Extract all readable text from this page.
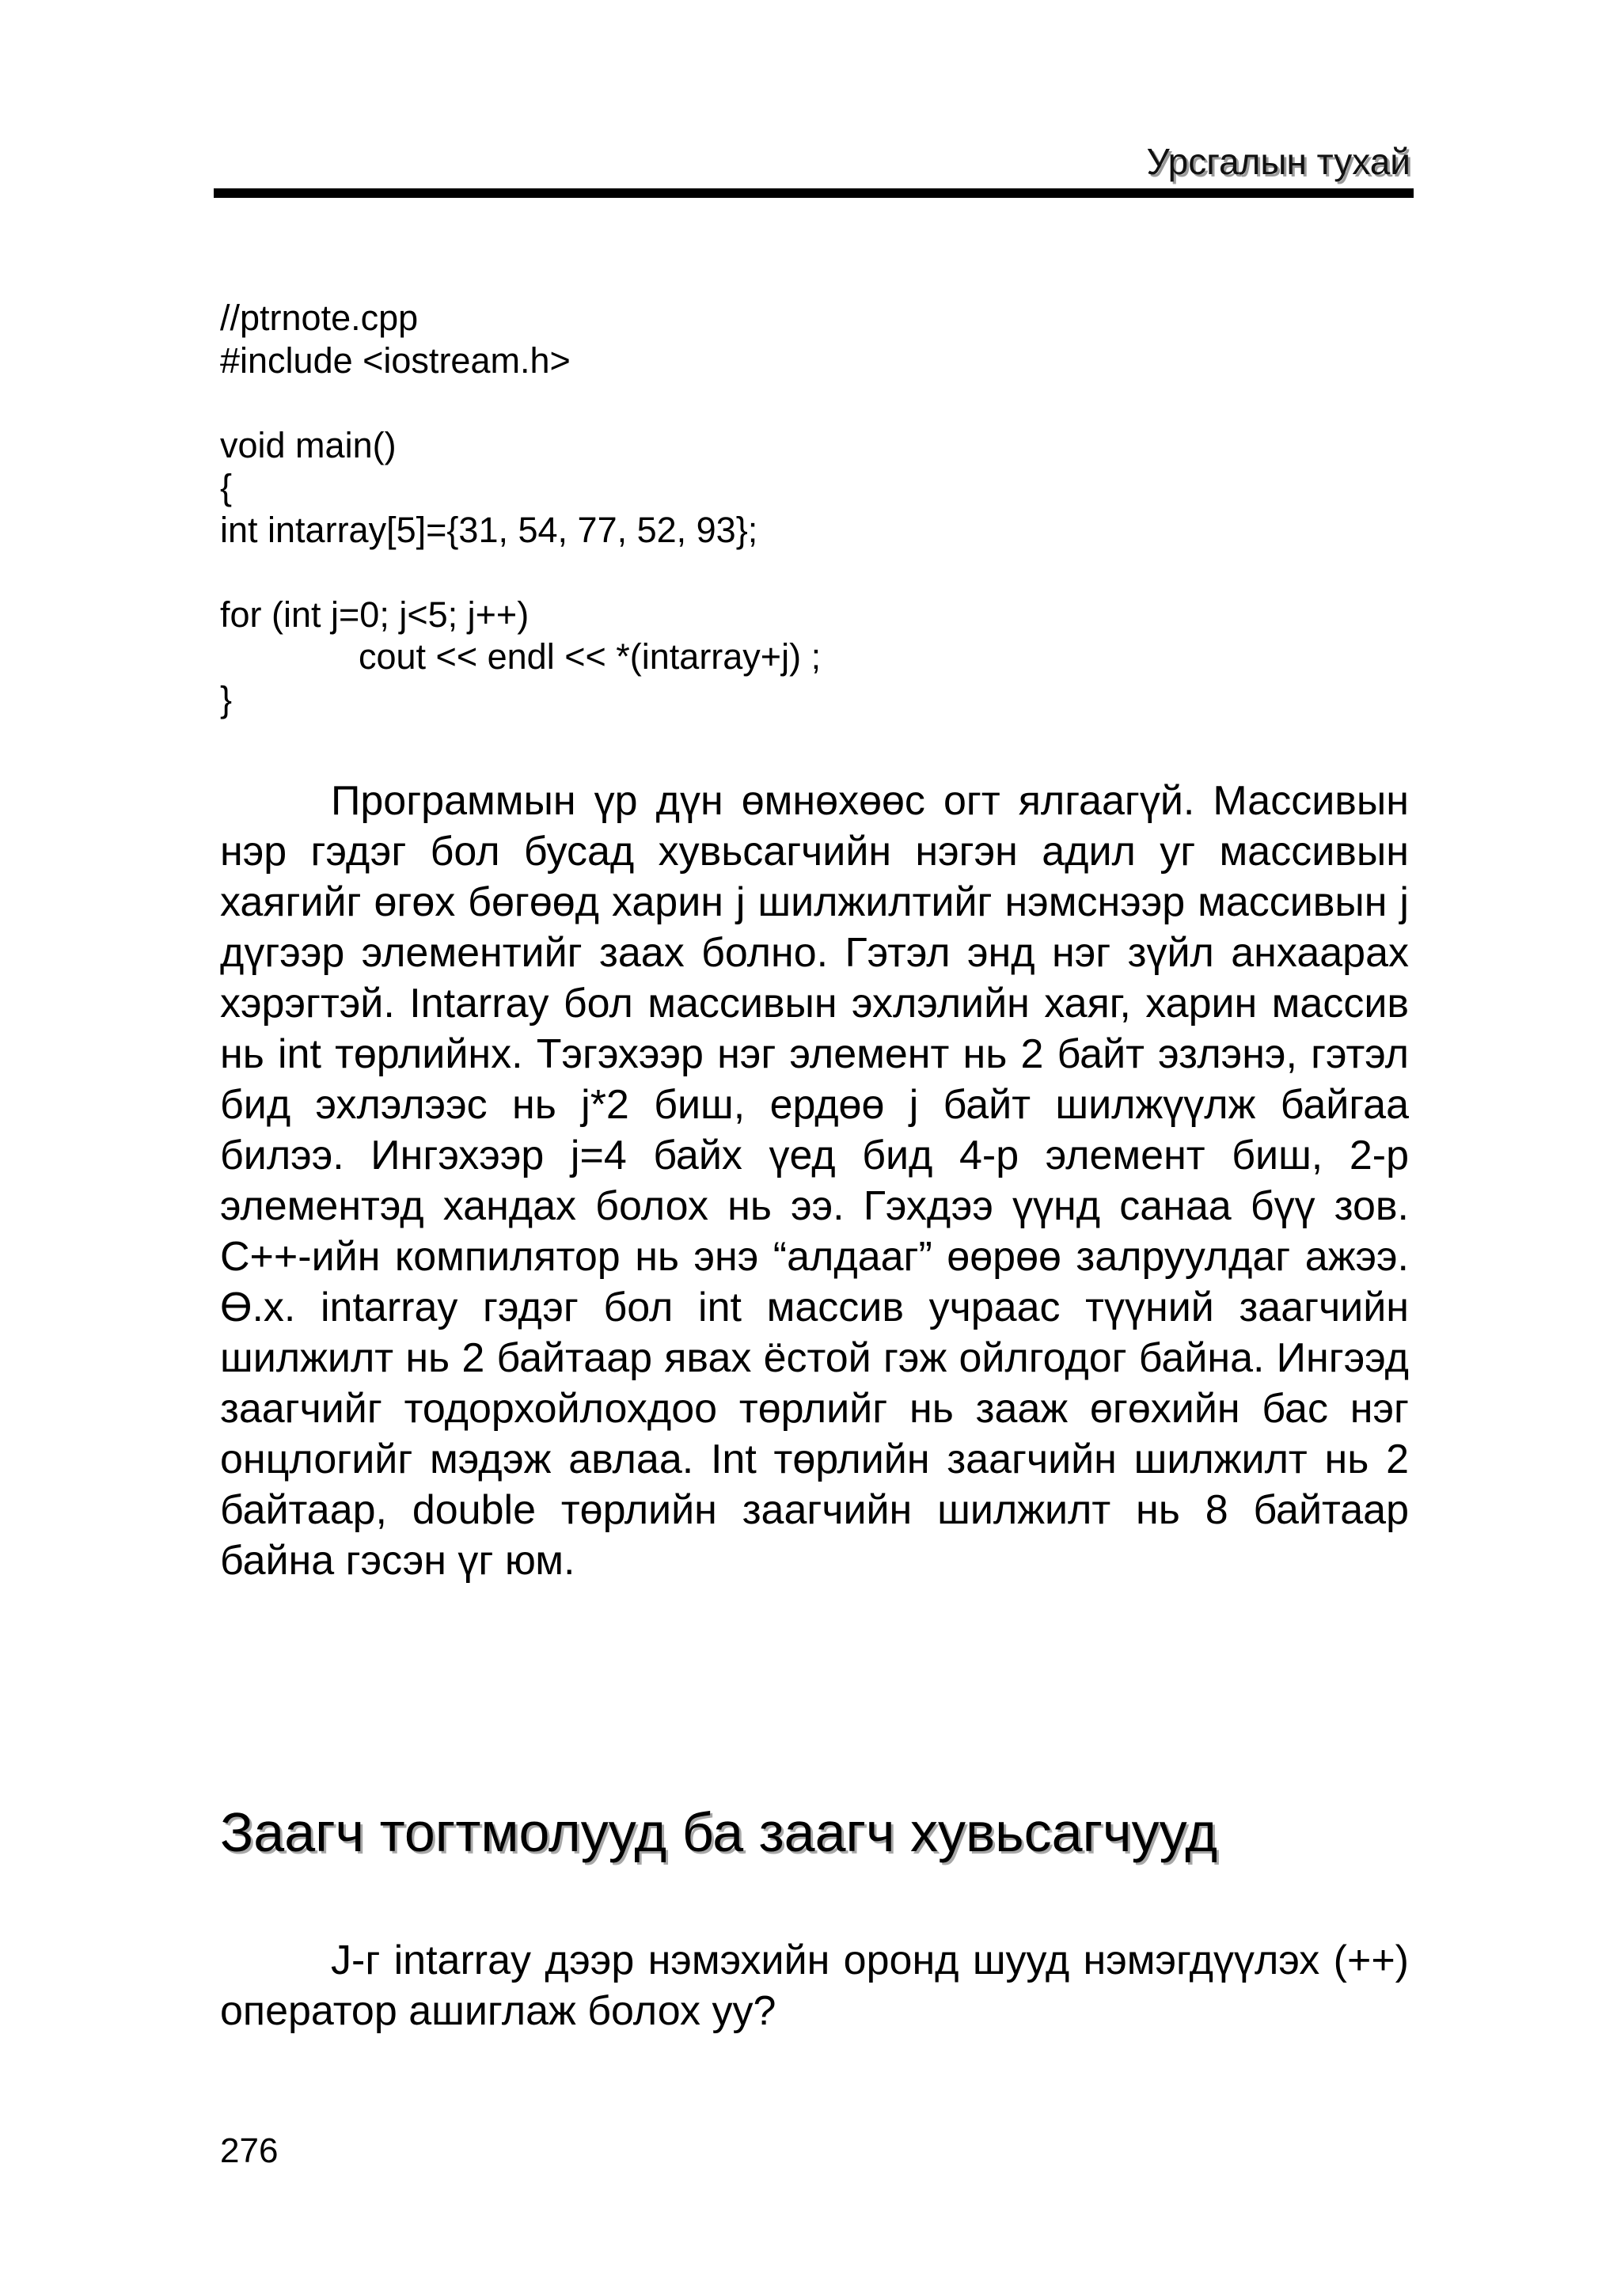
Урсгалын тухай
//ptrnote.cpp
#include <iostream.h>
void main()
{
int intarray[5]={31, 54, 77, 52, 93};
for (int j=0; j<5; j++)
cout << endl << *(intarray+j) ;
}

Программын үр дүн өмнөхөөс огт ялгаагүй. Массивын нэр гэдэг бол бусад хувьсагчийн нэгэн адил уг массивын хаягийг өгөх бөгөөд харин j шилжилтийг нэмснээр массивын j дүгээр элементийг заах болно. Гэтэл энд нэг зүйл анхаарах хэрэгтэй. Intarray бол массивын эхлэлийн хаяг, харин массив нь int төрлийнх. Тэгэхээр нэг элемент нь 2 байт эзлэнэ, гэтэл бид эхлэлээс нь j*2 биш, ердөө j байт шилжүүлж байгаа билээ. Ингэхээр j=4 байх үед бид 4-р элемент биш, 2-р элементэд хандах болох нь ээ. Гэхдээ үүнд санаа бүү зов. С++-ийн компилятор нь энэ “алдааг” өөрөө залруулдаг ажээ. Ө.х. intarray гэдэг бол int массив учраас түүний заагчийн шилжилт нь 2 байтаар явах ёстой гэж ойлгодог байна. Ингээд заагчийг тодорхойлохдоо төрлийг нь зааж өгөхийн бас нэг онцлогийг мэдэж авлаа. Int төрлийн заагчийн шилжилт нь 2 байтаар, double төрлийн заагчийн шилжилт нь 8 байтаар байна гэсэн үг юм.

Заагч тогтмолууд ба заагч хувьсагчууд

J-г intarray дээр нэмэхийн оронд шууд нэмэгдүүлэх (++) оператор ашиглаж болох уу?

276
